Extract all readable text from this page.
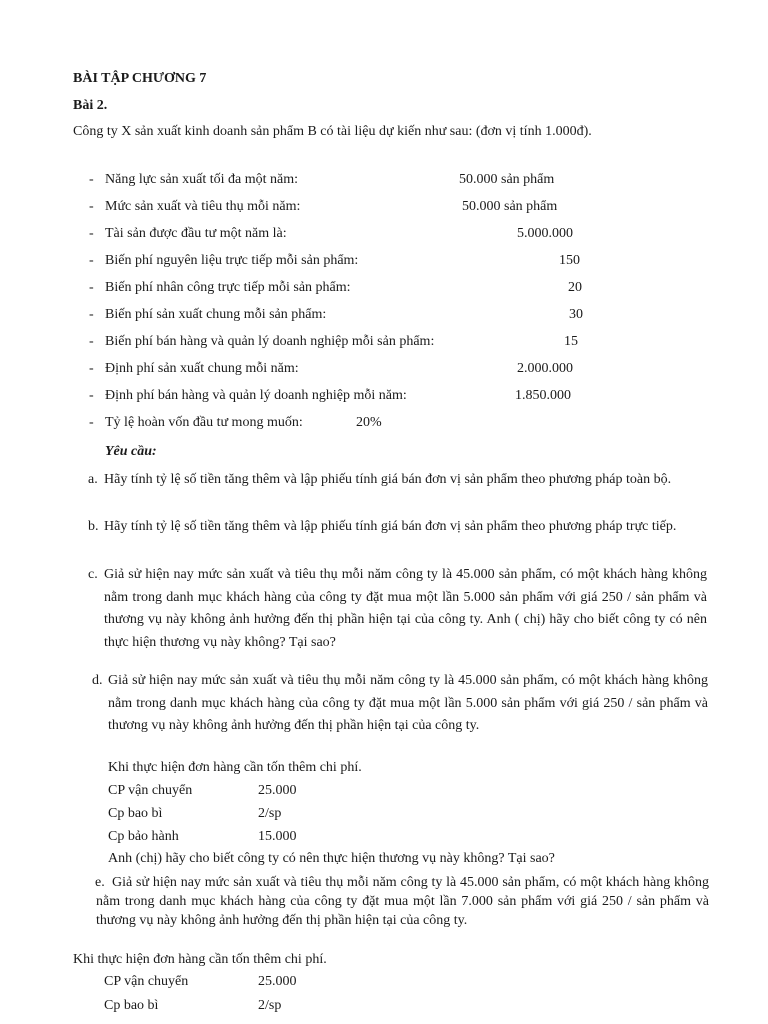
BÀI TẬP CHƯƠNG 7
Bài 2.
Công ty X sản xuất kinh doanh sản phẩm B có tài liệu dự kiến như sau: (đơn vị tính 1.000đ).
- Năng lực sản xuất tối đa một năm:	50.000 sản phẩm
- Mức sản xuất và tiêu thụ mỗi năm:	50.000 sản phẩm
- Tài sản được đầu tư một năm là:	5.000.000
- Biến phí nguyên liệu trực tiếp mỗi sản phẩm:	150
- Biến phí nhân công trực tiếp mỗi sản phẩm:	20
- Biến phí sản xuất chung mỗi sản phẩm:	30
- Biến phí bán hàng và quản lý doanh nghiệp mỗi sản phẩm:	15
- Định phí sản xuất chung mỗi năm:	2.000.000
- Định phí bán hàng và quản lý doanh nghiệp mỗi năm:	1.850.000
- Tỷ lệ hoàn vốn đầu tư mong muốn:	20%
Yêu cầu:
a. Hãy tính tỷ lệ số tiền tăng thêm và lập phiếu tính giá bán đơn vị sản phẩm theo phương pháp toàn bộ.
b. Hãy tính tỷ lệ số tiền tăng thêm và lập phiếu tính giá bán đơn vị sản phẩm theo phương pháp trực tiếp.
c. Giả sử hiện nay mức sản xuất và tiêu thụ mỗi năm công ty là 45.000 sản phẩm, có một khách hàng không nằm trong danh mục khách hàng của công ty đặt mua một lần 5.000 sản phẩm với giá 250 / sản phẩm và thương vụ này không ảnh hưởng đến thị phần hiện tại của công ty. Anh ( chị) hãy cho biết công ty có nên thực hiện thương vụ này không? Tại sao?
d. Giả sử hiện nay mức sản xuất và tiêu thụ mỗi năm công ty là 45.000 sản phẩm, có một khách hàng không nằm trong danh mục khách hàng của công ty đặt mua một lần 5.000 sản phẩm với giá 250 / sản phẩm và thương vụ này không ảnh hưởng đến thị phần hiện tại của công ty.
Khi thực hiện đơn hàng cần tốn thêm chi phí.
CP vận chuyển	25.000
Cp bao bì	2/sp
Cp bảo hành	15.000
Anh (chị) hãy cho biết công ty có nên thực hiện thương vụ này không? Tại sao?
e. Giả sử hiện nay mức sản xuất và tiêu thụ mỗi năm công ty là 45.000 sản phẩm, có một khách hàng không nằm trong danh mục khách hàng của công ty đặt mua một lần 7.000 sản phẩm với giá 250 / sản phẩm và thương vụ này không ảnh hưởng đến thị phần hiện tại của công ty.
Khi thực hiện đơn hàng cần tốn thêm chi phí.
CP vận chuyển	25.000
Cp bao bì	2/sp
